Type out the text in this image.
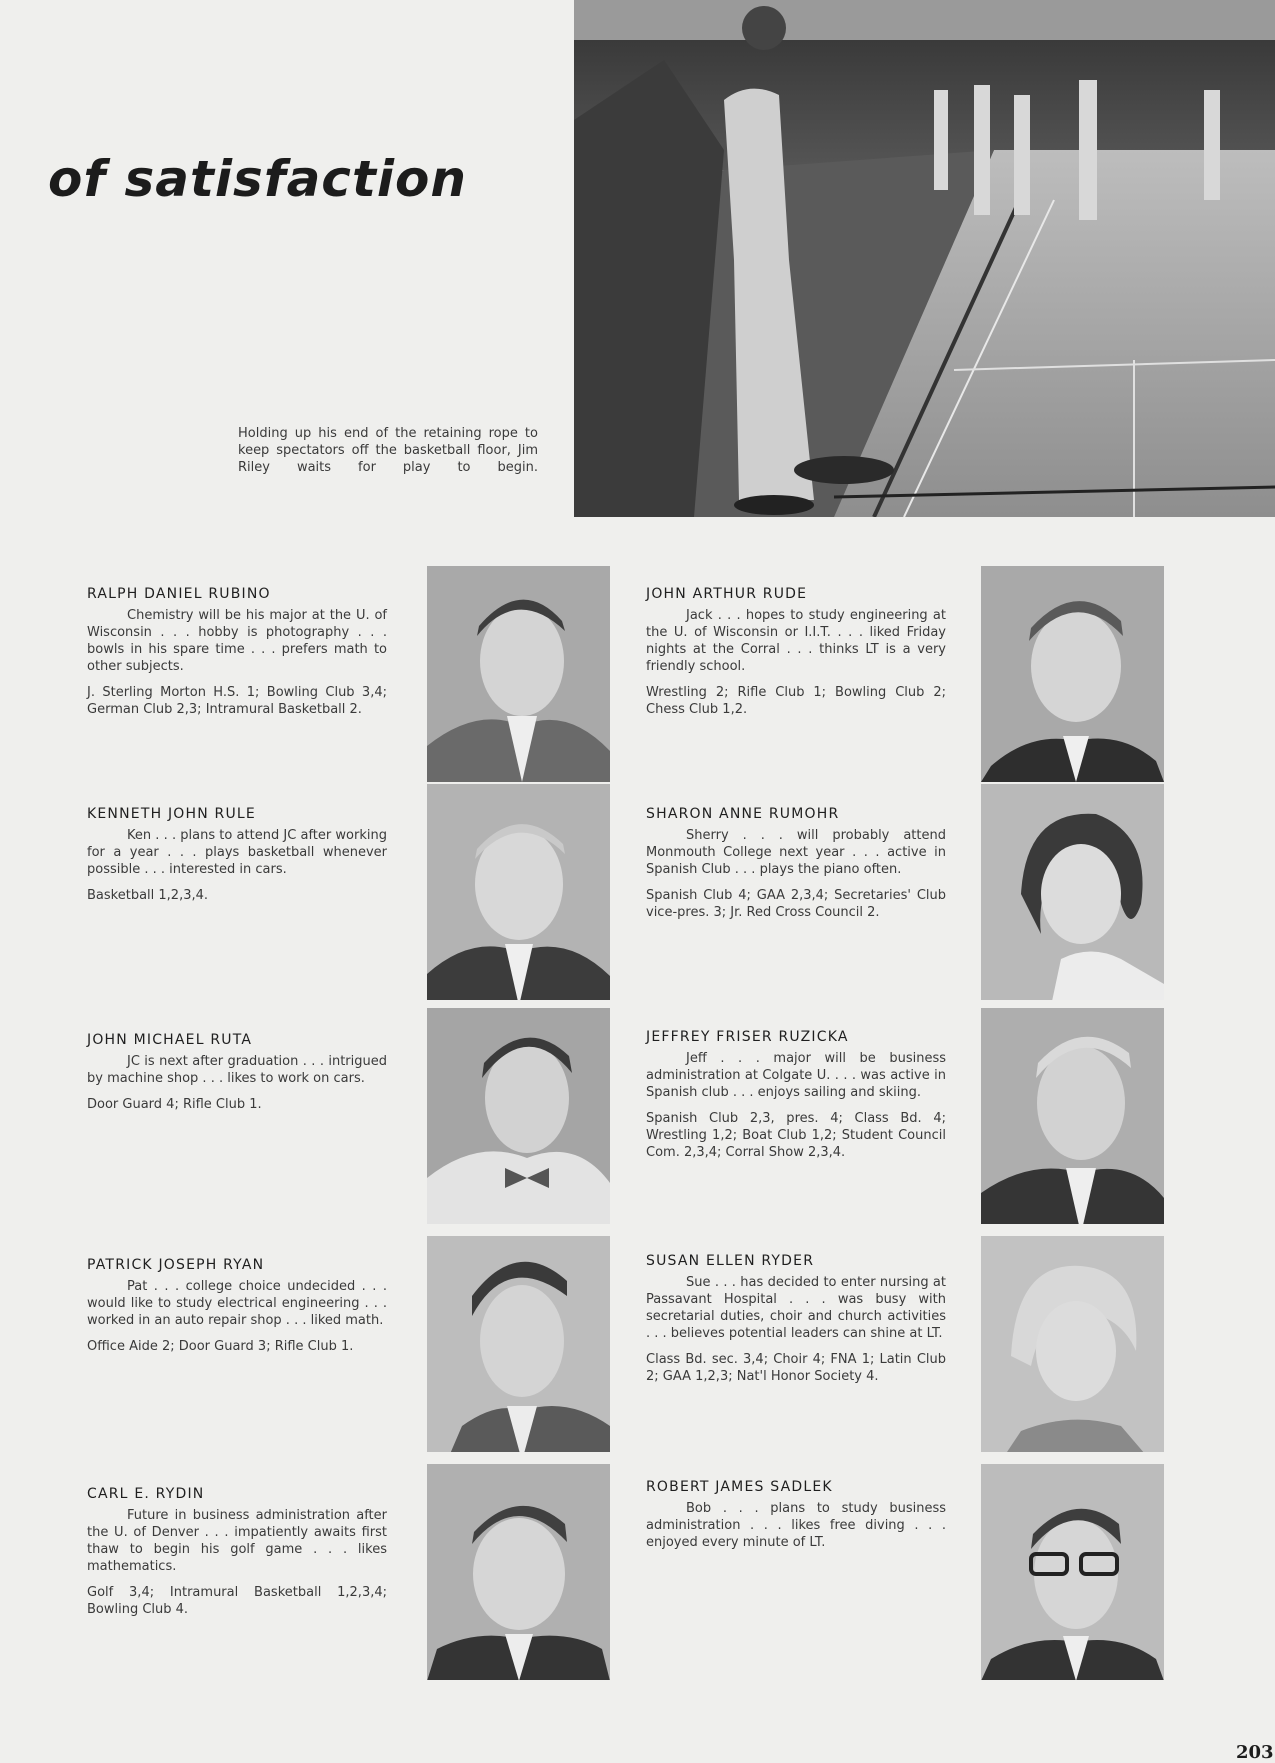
of satisfaction

Holding up his end of the retaining rope to keep spectators off the basketball floor, Jim Riley waits for play to begin.

RALPH DANIEL RUBINO

Chemistry will be his major at the U. of Wisconsin . . . hobby is photography . . . bowls in his spare time . . . prefers math to other subjects.

J. Sterling Morton H.S. 1; Bowling Club 3,4; German Club 2,3; Intramural Basketball 2.

KENNETH JOHN RULE

Ken . . . plans to attend JC after working for a year . . . plays basketball whenever possible . . . interested in cars.

Basketball 1,2,3,4.

JOHN MICHAEL RUTA

JC is next after graduation . . . intrigued by machine shop . . . likes to work on cars.

Door Guard 4; Rifle Club 1.

PATRICK JOSEPH RYAN

Pat . . . college choice undecided . . . would like to study electrical engineering . . . worked in an auto repair shop . . . liked math.

Office Aide 2; Door Guard 3; Rifle Club 1.

CARL E. RYDIN

Future in business administration after the U. of Denver . . . impatiently awaits first thaw to begin his golf game . . . likes mathematics.

Golf 3,4; Intramural Basketball 1,2,3,4; Bowling Club 4.

JOHN ARTHUR RUDE

Jack . . . hopes to study engineering at the U. of Wisconsin or I.I.T. . . . liked Friday nights at the Corral . . . thinks LT is a very friendly school.

Wrestling 2; Rifle Club 1; Bowling Club 2; Chess Club 1,2.

SHARON ANNE RUMOHR

Sherry . . . will probably attend Monmouth College next year . . . active in Spanish Club . . . plays the piano often.

Spanish Club 4; GAA 2,3,4; Secretaries' Club vice-pres. 3; Jr. Red Cross Council 2.

JEFFREY FRISER RUZICKA

Jeff . . . major will be business administration at Colgate U. . . . was active in Spanish club . . . enjoys sailing and skiing.

Spanish Club 2,3, pres. 4; Class Bd. 4; Wrestling 1,2; Boat Club 1,2; Student Council Com. 2,3,4; Corral Show 2,3,4.

SUSAN ELLEN RYDER

Sue . . . has decided to enter nursing at Passavant Hospital . . . was busy with secretarial duties, choir and church activities . . . believes potential leaders can shine at LT.

Class Bd. sec. 3,4; Choir 4; FNA 1; Latin Club 2; GAA 1,2,3; Nat'l Honor Society 4.

ROBERT JAMES SADLEK

Bob . . . plans to study business administration . . . likes free diving . . . enjoyed every minute of LT.

203
